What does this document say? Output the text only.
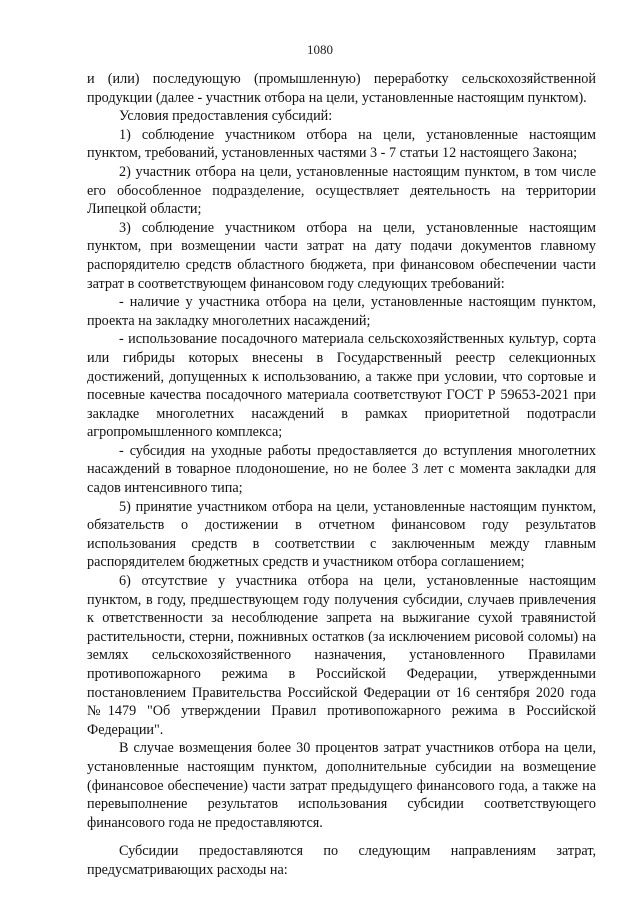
1080

и (или) последующую (промышленную) переработку сельскохозяйственной продукции (далее - участник отбора на цели, установленные настоящим пунктом).

Условия предоставления субсидий:

1) соблюдение участником отбора на цели, установленные настоящим пунктом, требований, установленных частями 3 - 7 статьи 12 настоящего Закона;

2) участник отбора на цели, установленные настоящим пунктом, в том числе его обособленное подразделение, осуществляет деятельность на территории Липецкой области;

3) соблюдение участником отбора на цели, установленные настоящим пунктом, при возмещении части затрат на дату подачи документов главному распорядителю средств областного бюджета, при финансовом обеспечении части затрат в соответствующем финансовом году следующих требований:

- наличие у участника отбора на цели, установленные настоящим пунктом, проекта на закладку многолетних насаждений;

- использование посадочного материала сельскохозяйственных культур, сорта или гибриды которых внесены в Государственный реестр селекционных достижений, допущенных к использованию, а также при условии, что сортовые и посевные качества посадочного материала соответствуют ГОСТ Р 59653-2021 при закладке многолетних насаждений в рамках приоритетной подотрасли агропромышленного комплекса;

- субсидия на уходные работы предоставляется до вступления многолетних насаждений в товарное плодоношение, но не более 3 лет с момента закладки для садов интенсивного типа;

5) принятие участником отбора на цели, установленные настоящим пунктом, обязательств о достижении в отчетном финансовом году результатов использования средств в соответствии с заключенным между главным распорядителем бюджетных средств и участником отбора соглашением;

6) отсутствие у участника отбора на цели, установленные настоящим пунктом, в году, предшествующем году получения субсидии, случаев привлечения к ответственности за несоблюдение запрета на выжигание сухой травянистой растительности, стерни, пожнивных остатков (за исключением рисовой соломы) на землях сельскохозяйственного назначения, установленного Правилами противопожарного режима в Российской Федерации, утвержденными постановлением Правительства Российской Федерации от 16 сентября 2020 года №1479 "Об утверждении Правил противопожарного режима в Российской Федерации".

В случае возмещения более 30 процентов затрат участников отбора на цели, установленные настоящим пунктом, дополнительные субсидии на возмещение (финансовое обеспечение) части затрат предыдущего финансового года, а также на перевыполнение результатов использования субсидии соответствующего финансового года не предоставляются.

Субсидии предоставляются по следующим направлениям затрат, предусматривающих расходы на:
